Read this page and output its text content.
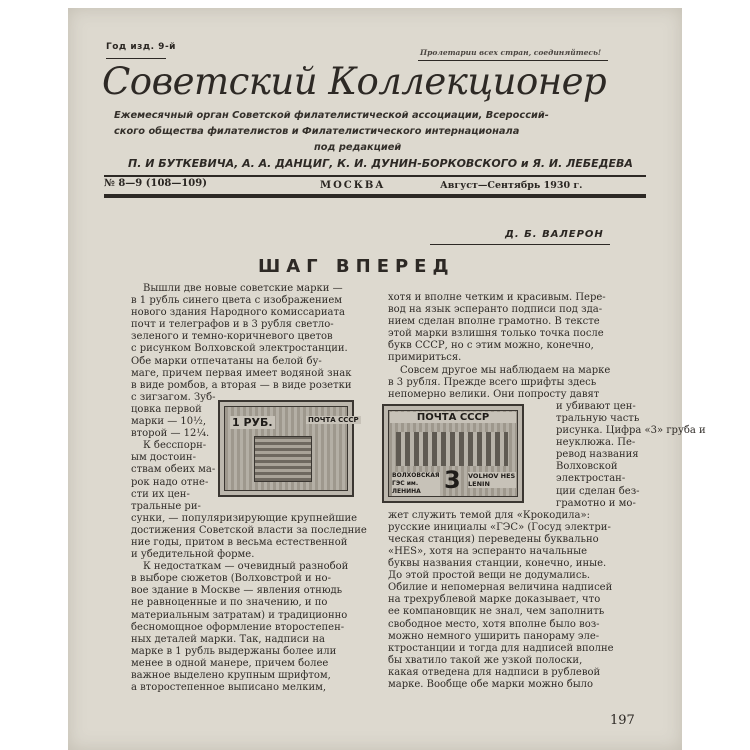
Год изд. 9-й
Пролетарии всех стран, соединяйтесь!
Советский Коллекционер
Ежемесячный орган Советской филателистической ассоциации, Всероссий-
ского общества филателистов и Филателистического интернационала
под редакцией
П. И БУТКЕВИЧА, А. А. ДАНЦИГ, К. И. ДУНИН-БОРКОВСКОГО и Я. И. ЛЕБЕДЕВА
№ 8—9 (108—109)	МОСКВА	Август—Сентябрь 1930 г.
Д. Б. ВАЛЕРОН
ШАГ ВПЕРЕД
Вышли две новые советские марки —
в 1 рубль синего цвета с изображением
нового здания Народного комиссариата
почт и телеграфов и в 3 рубля светло-
зеленого и темно-коричневого цветов
с рисунком Волховской электростанции.
Обе марки отпечатаны на белой бу-
маге, причем первая имеет водяной знак
в виде ромбов, а вторая — в виде розетки
с зигзагом. Зуб-
цовка первой
марки — 10½,
второй — 12¼.
К бесспорн-
ым достоин-
ствам обеих ма-
рок надо отне-
сти их цен-
тральные ри-
сунки, — популяризирующие крупнейшие
достижения Советской власти за последние
ние годы, притом в весьма естественной
и убедительной форме.
К недостаткам — очевидный разнобой
в выборе сюжетов (Волховстрой и но-
вое здание в Москве — явления отнюдь
не равноценные и по значению, и по
материальным затратам) и традиционно
бесномощное оформление второстепен-
ных деталей марки. Так, надписи на
марке в 1 рубль выдержаны более или
менее в одной манере, причем более
важное выделено крупным шрифтом,
а второстепенное выписано мелким,
хотя и вполне четким и красивым. Пере-
вод на язык эсперанто подписи под зда-
нием сделан вполне грамотно. В тексте
этой марки взлишня только точка после
букв СССР, но с этим можно, конечно,
примириться.
Совсем другое мы наблюдаем на марке
в 3 рубля. Прежде всего шрифты здесь
непомерно велики. Они попросту давят
и убивают цен-
тральную часть
рисунка. Цифра «3» груба и
неуклюжа. Пе-
ревод названия
Волховской
электростан-
ции сделан без-
грамотно и мо-
жет служить темой для «Крокодила»:
русские инициалы «ГЭС» (Госуд электри-
ческая станция) переведены буквально
«HES», хотя на эсперанто начальные
буквы названия станции, конечно, иные.
До этой простой вещи не додумались.
Обилие и непомерная величина надписей
на трехрублевой марке доказывает, что
ее компановщик не знал, чем заполнить
свободное место, хотя вполне было воз-
можно немного уширить панораму эле-
ктростанции и тогда для надписей вполне
бы хватило такой же узкой полоски,
какая отведена для надписи в рублевой
марке. Вообще обе марки можно было
1 РУБ.	ПОЧТА СССР	ПОЧТА СССР
ВОЛХОВСКАЯ ГЭС им. ЛЕНИНА 3 VOLHOV HES LENIN
197
